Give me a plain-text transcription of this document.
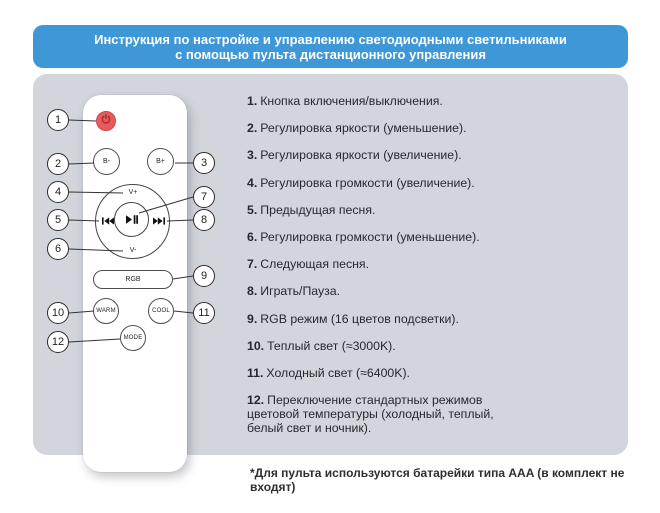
Инструкция по настройке и управлению светодиодными светильниками
с помощью пульта дистанционного управления
B-	B+
V+
V-
RGB
WARM	COOL
MODE
1
2	3
4
5
6
7
8
9
10	11
12
1. Кнопка включения/выключения.
2. Регулировка яркости (уменьшение).
3. Регулировка яркости (увеличение).
4. Регулировка громкости (увеличение).
5. Предыдущая песня.
6. Регулировка громкости (уменьшение).
7. Следующая песня.
8. Играть/Пауза.
9. RGB режим (16 цветов подсветки).
10. Теплый свет (≈3000K).
11. Холодный свет (≈6400K).
12. Переключение стандартных режимов цветовой температуры (холодный, теплый, белый свет и ночник).
*Для пульта используются батарейки типа AAA (в комплект не входят)
